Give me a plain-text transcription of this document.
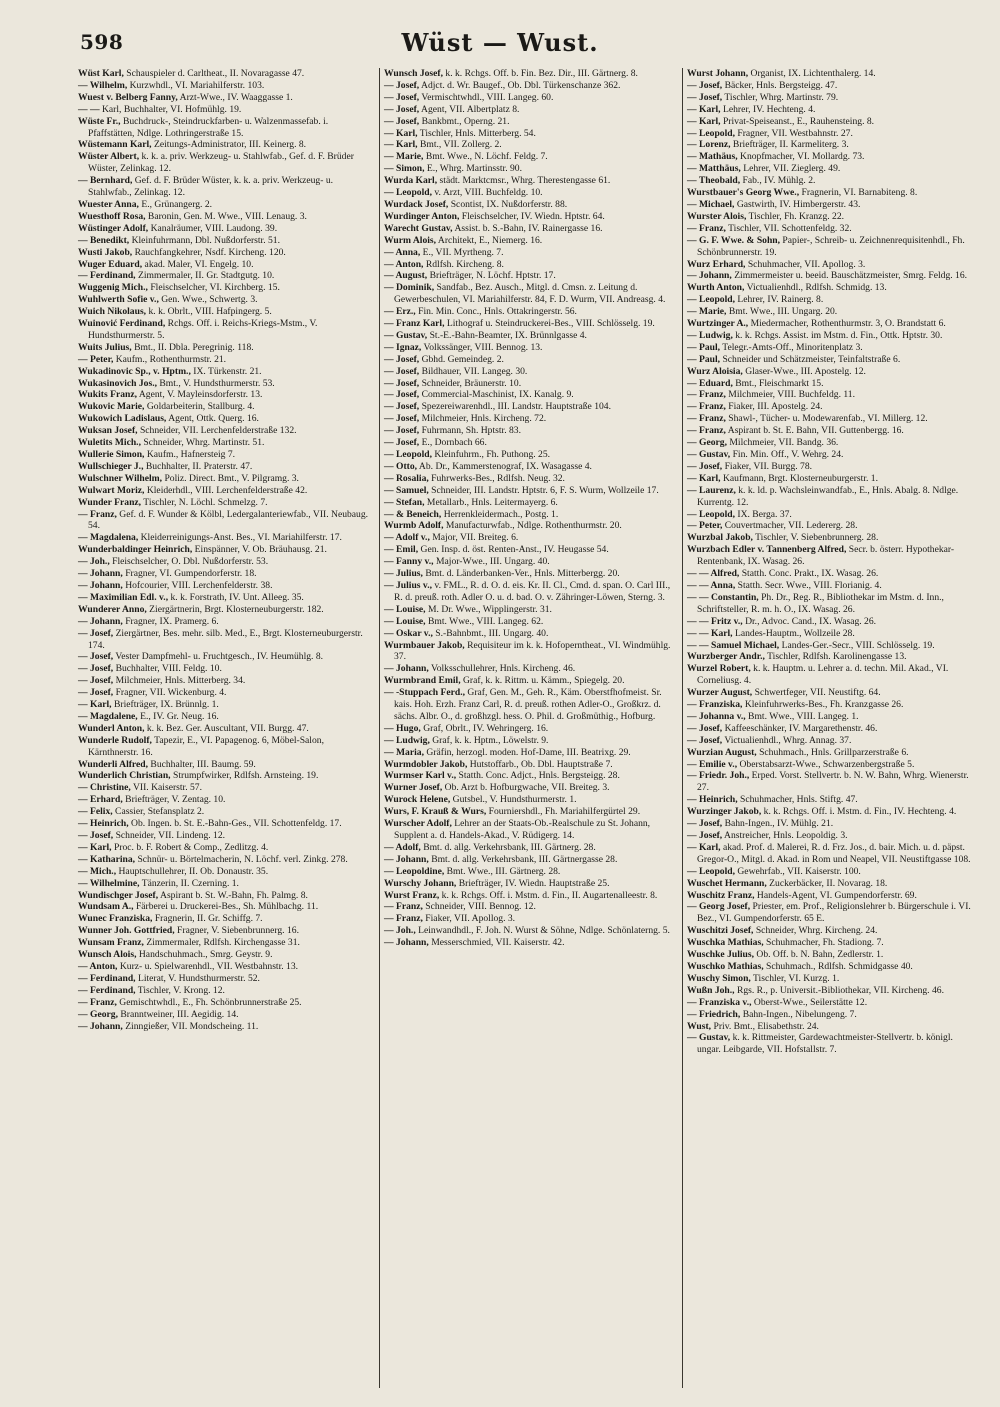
598	Wüst — Wust.
Wüst Karl, Schauspieler d. Carltheat., II. Novaragasse 47.
— Wilhelm, Kurzwhdl., VI. Mariahilferstr. 103.
Wuest v. Belberg Fanny, Arzt-Wwe., IV. Waaggasse 1.
— — Karl, Buchhalter, VI. Hofmühlg. 19.
Wüste Fr., Buchdruck-, Steindruckfarben- u. Walzenmassefab. i. Pfaffstätten, Ndlge. Lothringerstraße 15.
Wüstemann Karl, Zeitungs-Administrator, III. Keinerg. 8.
Wüster Albert, k. k. a. priv. Werkzeug- u. Stahlwfab., Gef. d. F. Brüder Wüster, Zelinkag. 12.
— Bernhard, Gef. d. F. Brüder Wüster, k. k. a. priv. Werkzeug- u. Stahlwfab., Zelinkag. 12.
Wuester Anna, E., Grünangerg. 2.
Wuesthoff Rosa, Baronin, Gen. M. Wwe., VIII. Lenaug. 3.
Wüstinger Adolf, Kanalräumer, VIII. Laudong. 39.
— Benedikt, Kleinfuhrmann, Dbl. Nußdorferstr. 51.
Wusti Jakob, Rauchfangkehrer, Nsdf. Kircheng. 120.
Wuger Eduard, akad. Maler, VI. Engelg. 10.
— Ferdinand, Zimmermaler, II. Gr. Stadtgutg. 10.
Wuggenig Mich., Fleischselcher, VI. Kirchberg. 15.
Wuhlwerth Sofie v., Gen. Wwe., Schwertg. 3.
Wuich Nikolaus, k. k. Obrlt., VIII. Hafpingerg. 5.
Wuinović Ferdinand, Rchgs. Off. i. Reichs-Kriegs-Mstm., V. Hundsthurmerstr. 5.
Wuits Julius, Bmt., II. Dbla. Peregrinig. 118.
— Peter, Kaufm., Rothenthurmstr. 21.
Wukadinovic Sp., v. Hptm., IX. Türkenstr. 21.
Wukasinovich Jos., Bmt., V. Hundsthurmerstr. 53.
Wukits Franz, Agent, V. Mayleinsdorferstr. 13.
Wukovic Marie, Goldarbeiterin, Stallburg. 4.
Wukowich Ladislaus, Agent, Ottk. Querg. 16.
Wuksan Josef, Schneider, VII. Lerchenfelderstraße 132.
Wuletits Mich., Schneider, Whrg. Martinstr. 51.
Wullerie Simon, Kaufm., Hafnersteig 7.
Wullschieger J., Buchhalter, II. Praterstr. 47.
Wulschner Wilhelm, Poliz. Direct. Bmt., V. Pilgramg. 3.
Wulwart Moriz, Kleiderhdl., VIII. Lerchenfelderstraße 42.
Wunder Franz, Tischler, N. Löchl. Schmelzg. 7.
— Franz, Gef. d. F. Wunder & Kölbl, Ledergalanteriewfab., VII. Neubaug. 54.
— Magdalena, Kleiderreinigungs-Anst. Bes., VI. Mariahilferstr. 17.
Wunderbaldinger Heinrich, Einspänner, V. Ob. Bräuhausg. 21.
— Joh., Fleischselcher, O. Dbl. Nußdorferstr. 53.
— Johann, Fragner, VI. Gumpendorferstr. 18.
— Johann, Hofcourier, VIII. Lerchenfelderstr. 38.
— Maximilian Edl. v., k. k. Forstrath, IV. Unt. Alleeg. 35.
Wunderer Anno, Ziergärtnerin, Brgt. Klosterneuburgerstr. 182.
— Johann, Fragner, IX. Pramerg. 6.
— Josef, Ziergärtner, Bes. mehr. silb. Med., E., Brgt. Klosterneuburgerstr. 174.
— Josef, Vester Dampfmehl- u. Fruchtgesch., IV. Heumühlg. 8.
— Josef, Buchhalter, VIII. Feldg. 10.
— Josef, Milchmeier, Hnls. Mitterberg. 34.
— Josef, Fragner, VII. Wickenburg. 4.
— Karl, Briefträger, IX. Brünnlg. 1.
— Magdalene, E., IV. Gr. Neug. 16.
Wunderl Anton, k. k. Bez. Ger. Auscultant, VII. Burgg. 47.
Wunderle Rudolf, Tapezir, E., VI. Papagenog. 6, Möbel-Salon, Kärnthnerstr. 16.
Wunderli Alfred, Buchhalter, III. Baumg. 59.
Wunderlich Christian, Strumpfwirker, Rdlfsh. Arnsteing. 19.
— Christine, VII. Kaiserstr. 57.
— Erhard, Briefträger, V. Zentag. 10.
— Felix, Cassier, Stefansplatz 2.
— Heinrich, Ob. Ingen. b. St. E.-Bahn-Ges., VII. Schottenfeldg. 17.
— Josef, Schneider, VII. Lindeng. 12.
— Karl, Proc. b. F. Robert & Comp., Zedlitzg. 4.
— Katharina, Schnür- u. Börtelmacherin, N. Löchf. verl. Zinkg. 278.
— Mich., Hauptschullehrer, II. Ob. Donaustr. 35.
— Wilhelmine, Tänzerin, II. Czerning. 1.
Wundischger Josef, Aspirant b. St. W.-Bahn, Fh. Palmg. 8.
Wundsam A., Färberei u. Druckerei-Bes., Sh. Mühlbachg. 11.
Wunec Franziska, Fragnerin, II. Gr. Schiffg. 7.
Wunner Joh. Gottfried, Fragner, V. Siebenbrunnerg. 16.
Wunsam Franz, Zimmermaler, Rdlfsh. Kirchengasse 31.
Wunsch Alois, Handschuhmach., Smrg. Geystr. 9.
— Anton, Kurz- u. Spielwarenhdl., VII. Westbahnstr. 13.
— Ferdinand, Literat, V. Hundsthurmerstr. 52.
— Ferdinand, Tischler, V. Krong. 12.
— Franz, Gemischtwhdl., E., Fh. Schönbrunnerstraße 25.
— Georg, Branntweiner, III. Aegidig. 14.
— Johann, Zinngießer, VII. Mondscheing. 11.
Wunsch Josef, k. k. Rchgs. Off. b. Fin. Bez. Dir., III. Gärtnerg. 8.
— Josef, Adjct. d. Wr. Baugef., Ob. Dbl. Türkenschanze 362.
— Josef, Vermischtwhdl., VIII. Langeg. 60.
— Josef, Agent, VII. Albertplatz 8.
— Josef, Bankbmt., Operng. 21.
— Karl, Tischler, Hnls. Mitterberg. 54.
— Karl, Bmt., VII. Zollerg. 2.
— Marie, Bmt. Wwe., N. Löchf. Feldg. 7.
— Simon, E., Whrg. Martinsstr. 90.
Wurda Karl, städt. Marktcmsr., Whrg. Therestengasse 61.
— Leopold, v. Arzt, VIII. Buchfeldg. 10.
Wurdack Josef, Scontist, IX. Nußdorferstr. 88.
Wurdinger Anton, Fleischselcher, IV. Wiedn. Hptstr. 64.
Warecht Gustav, Assist. b. S.-Bahn, IV. Rainergasse 16.
Wurm Alois, Architekt, E., Niemerg. 16.
— Anna, E., VII. Myrtheng. 7.
— Anton, Rdlfsh. Kircheng. 8.
— August, Briefträger, N. Löchf. Hptstr. 17.
— Dominik, Sandfab., Bez. Ausch., Mitgl. d. Cmsn. z. Leitung d. Gewerbeschulen, VI. Mariahilferstr. 84, F. D. Wurm, VII. Andreasg. 4.
— Erz., Fin. Min. Conc., Hnls. Ottakringerstr. 56.
— Franz Karl, Lithograf u. Steindruckerei-Bes., VIII. Schlösselg. 19.
— Gustav, St.-E.-Bahn-Beamter, IX. Brünnlgasse 4.
— Ignaz, Volkssänger, VIII. Bennog. 13.
— Josef, Gbhd. Gemeindeg. 2.
— Josef, Bildhauer, VII. Langeg. 30.
— Josef, Schneider, Bräunerstr. 10.
— Josef, Commercial-Maschinist, IX. Kanalg. 9.
— Josef, Spezereiwarenhdl., III. Landstr. Hauptstraße 104.
— Josef, Milchmeier, Hnls. Kircheng. 72.
— Josef, Fuhrmann, Sh. Hptstr. 83.
— Josef, E., Dornbach 66.
— Leopold, Kleinfuhrm., Fh. Puthong. 25.
— Otto, Ab. Dr., Kammerstenograf, IX. Wasagasse 4.
— Rosalia, Fuhrwerks-Bes., Rdlfsh. Neug. 32.
— Samuel, Schneider, III. Landstr. Hptstr. 6, F. S. Wurm, Wollzeile 17.
— Stefan, Metallarb., Hnls. Leitermayerg. 6.
— & Beneich, Herrenkleidermach., Postg. 1.
Wurmb Adolf, Manufacturwfab., Ndlge. Rothenthurmstr. 20.
— Adolf v., Major, VII. Breiteg. 6.
— Emil, Gen. Insp. d. öst. Renten-Anst., IV. Heugasse 54.
— Fanny v., Major-Wwe., III. Ungarg. 40.
— Julius, Bmt. d. Länderbanken-Ver., Hnls. Mitterbergg. 20.
— Julius v., v. FML., R. d. O. d. eis. Kr. II. Cl., Cmd. d. span. O. Carl III., R. d. preuß. roth. Adler O. u. d. bad. O. v. Zähringer-Löwen, Sterng. 3.
— Louise, M. Dr. Wwe., Wipplingerstr. 31.
— Louise, Bmt. Wwe., VIII. Langeg. 62.
— Oskar v., S.-Bahnbmt., III. Ungarg. 40.
Wurmbauer Jakob, Requisiteur im k. k. Hofoperntheat., VI. Windmühlg. 37.
— Johann, Volksschullehrer, Hnls. Kircheng. 46.
Wurmbrand Emil, Graf, k. k. Rittm. u. Kämm., Spiegelg. 20.
— -Stuppach Ferd., Graf, Gen. M., Geh. R., Käm. Oberstfhofmeist. Sr. kais. Hoh. Erzh. Franz Carl, R. d. preuß. rothen Adler-O., Großkrz. d. sächs. Albr. O., d. großhzgl. hess. O. Phil. d. Großmüthig., Hofburg.
— Hugo, Graf, Obrlt., IV. Wehringerg. 16.
— Ludwig, Graf, k. k. Hptm., Löwelstr. 9.
— Maria, Gräfin, herzogl. moden. Hof-Dame, III. Beatrixg. 29.
Wurmdobler Jakob, Hutstoffarb., Ob. Dbl. Hauptstraße 7.
Wurmser Karl v., Statth. Conc. Adjct., Hnls. Bergsteigg. 28.
Wurner Josef, Ob. Arzt b. Hofburgwache, VII. Breiteg. 3.
Wurock Helene, Gutsbel., V. Hundsthurmerstr. 1.
Wurs, F. Krauß & Wurs, Fourniershdl., Fh. Mariahilfergürtel 29.
Wurscher Adolf, Lehrer an der Staats-Ob.-Realschule zu St. Johann, Supplent a. d. Handels-Akad., V. Rüdigerg. 14.
— Adolf, Bmt. d. allg. Verkehrsbank, III. Gärtnerg. 28.
— Johann, Bmt. d. allg. Verkehrsbank, III. Gärtnergasse 28.
— Leopoldine, Bmt. Wwe., III. Gärtnerg. 28.
Wurschy Johann, Briefträger, IV. Wiedn. Hauptstraße 25.
Wurst Franz, k. k. Rchgs. Off. i. Mstm. d. Fin., II. Augartenalleestr. 8.
— Franz, Schneider, VIII. Bennog. 12.
— Franz, Fiaker, VII. Apollog. 3.
— Joh., Leinwandhdl., F. Joh. N. Wurst & Söhne, Ndlge. Schönlaterng. 5.
— Johann, Messerschmied, VII. Kaiserstr. 42.
Wurst Johann, Organist, IX. Lichtenthalerg. 14.
— Josef, Bäcker, Hnls. Bergsteigg. 47.
— Josef, Tischler, Whrg. Martinstr. 79.
— Karl, Lehrer, IV. Hechteng. 4.
— Karl, Privat-Speiseanst., E., Rauhensteing. 8.
— Leopold, Fragner, VII. Westbahnstr. 27.
— Lorenz, Briefträger, II. Karmeliterg. 3.
— Mathäus, Knopfmacher, VI. Mollardg. 73.
— Matthäus, Lehrer, VII. Zieglerg. 49.
— Theobald, Fab., IV. Mühlg. 2.
Wurstbauer's Georg Wwe., Fragnerin, VI. Barnabiteng. 8.
— Michael, Gastwirth, IV. Himbergerstr. 43.
Wurster Alois, Tischler, Fh. Kranzg. 22.
— Franz, Tischler, VII. Schottenfeldg. 32.
— G. F. Wwe. & Sohn, Papier-, Schreib- u. Zeichnenrequisitenhdl., Fh. Schönbrunnerstr. 19.
Wurz Erhard, Schuhmacher, VII. Apollog. 3.
— Johann, Zimmermeister u. beeid. Bauschätzmeister, Smrg. Feldg. 16.
Wurth Anton, Victualienhdl., Rdlfsh. Schmidg. 13.
— Leopold, Lehrer, IV. Rainerg. 8.
— Marie, Bmt. Wwe., III. Ungarg. 20.
Wurtzinger A., Miedermacher, Rothenthurmstr. 3, O. Brandstatt 6.
— Ludwig, k. k. Rchgs. Assist. im Mstm. d. Fin., Ottk. Hptstr. 30.
— Paul, Telegr.-Amts-Off., Minoritenplatz 3.
— Paul, Schneider und Schätzmeister, Teinfaltstraße 6.
Wurz Aloisia, Glaser-Wwe., III. Apostelg. 12.
— Eduard, Bmt., Fleischmarkt 15.
— Franz, Milchmeier, VIII. Buchfeldg. 11.
— Franz, Fiaker, III. Apostelg. 24.
— Franz, Shawl-, Tücher- u. Modewarenfab., VI. Millerg. 12.
— Franz, Aspirant b. St. E. Bahn, VII. Guttenbergg. 16.
— Georg, Milchmeier, VII. Bandg. 36.
— Gustav, Fin. Min. Off., V. Wehrg. 24.
— Josef, Fiaker, VII. Burgg. 78.
— Karl, Kaufmann, Brgt. Klosterneuburgerstr. 1.
— Laurenz, k. k. ld. p. Wachsleinwandfab., E., Hnls. Abalg. 8. Ndlge. Kurrentg. 12.
— Leopold, IX. Berga. 37.
— Peter, Couvertmacher, VII. Ledererg. 28.
Wurzbal Jakob, Tischler, V. Siebenbrunnerg. 28.
Wurzbach Edler v. Tannenberg Alfred, Secr. b. österr. Hypothekar-Rentenbank, IX. Wasag. 26.
— — Alfred, Statth. Conc. Prakt., IX. Wasag. 26.
— — Anna, Statth. Secr. Wwe., VIII. Florianig. 4.
— — Constantin, Ph. Dr., Reg. R., Bibliothekar im Mstm. d. Inn., Schriftsteller, R. m. h. O., IX. Wasag. 26.
— — Fritz v., Dr., Advoc. Cand., IX. Wasag. 26.
— — Karl, Landes-Hauptm., Wollzeile 28.
— — Samuel Michael, Landes-Ger.-Secr., VIII. Schlösselg. 19.
Wurzberger Andr., Tischler, Rdlfsh. Karolinengasse 13.
Wurzel Robert, k. k. Hauptm. u. Lehrer a. d. techn. Mil. Akad., VI. Corneliusg. 4.
Wurzer August, Schwertfeger, VII. Neustiftg. 64.
— Franziska, Kleinfuhrwerks-Bes., Fh. Kranzgasse 26.
— Johanna v., Bmt. Wwe., VIII. Langeg. 1.
— Josef, Kaffeeschänker, IV. Margarethenstr. 46.
— Josef, Victualienhdl., Whrg. Annag. 37.
Wurzian August, Schuhmach., Hnls. Grillparzerstraße 6.
— Emilie v., Oberstabsarzt-Wwe., Schwarzenbergstraße 5.
— Friedr. Joh., Erped. Vorst. Stellvertr. b. N. W. Bahn, Whrg. Wienerstr. 27.
— Heinrich, Schuhmacher, Hnls. Stiftg. 47.
Wurzinger Jakob, k. k. Rchgs. Off. i. Mstm. d. Fin., IV. Hechteng. 4.
— Josef, Bahn-Ingen., IV. Mühlg. 21.
— Josef, Anstreicher, Hnls. Leopoldig. 3.
— Karl, akad. Prof. d. Malerei, R. d. Frz. Jos., d. bair. Mich. u. d. päpst. Gregor-O., Mitgl. d. Akad. in Rom und Neapel, VII. Neustiftgasse 108.
— Leopold, Gewehrfab., VII. Kaiserstr. 100.
Wuschet Hermann, Zuckerbäcker, II. Novarag. 18.
Wuschitz Franz, Handels-Agent, VI. Gumpendorferstr. 69.
— Georg Josef, Priester, em. Prof., Religionslehrer b. Bürgerschule i. VI. Bez., VI. Gumpendorferstr. 65 E.
Wuschitzi Josef, Schneider, Whrg. Kircheng. 24.
Wuschka Mathias, Schuhmacher, Fh. Stadiong. 7.
Wuschke Julius, Ob. Off. b. N. Bahn, Zedlerstr. 1.
Wuschko Mathias, Schuhmach., Rdlfsh. Schmidgasse 40.
Wuschy Simon, Tischler, VI. Kurzg. 1.
Wußn Joh., Rgs. R., p. Universit.-Bibliothekar, VII. Kircheng. 46.
— Franziska v., Oberst-Wwe., Seilerstätte 12.
— Friedrich, Bahn-Ingen., Nibelungeng. 7.
Wust, Priv. Bmt., Elisabethstr. 24.
— Gustav, k. k. Rittmeister, Gardewachtmeister-Stellvertr. b. königl. ungar. Leibgarde, VII. Hofstallstr. 7.
